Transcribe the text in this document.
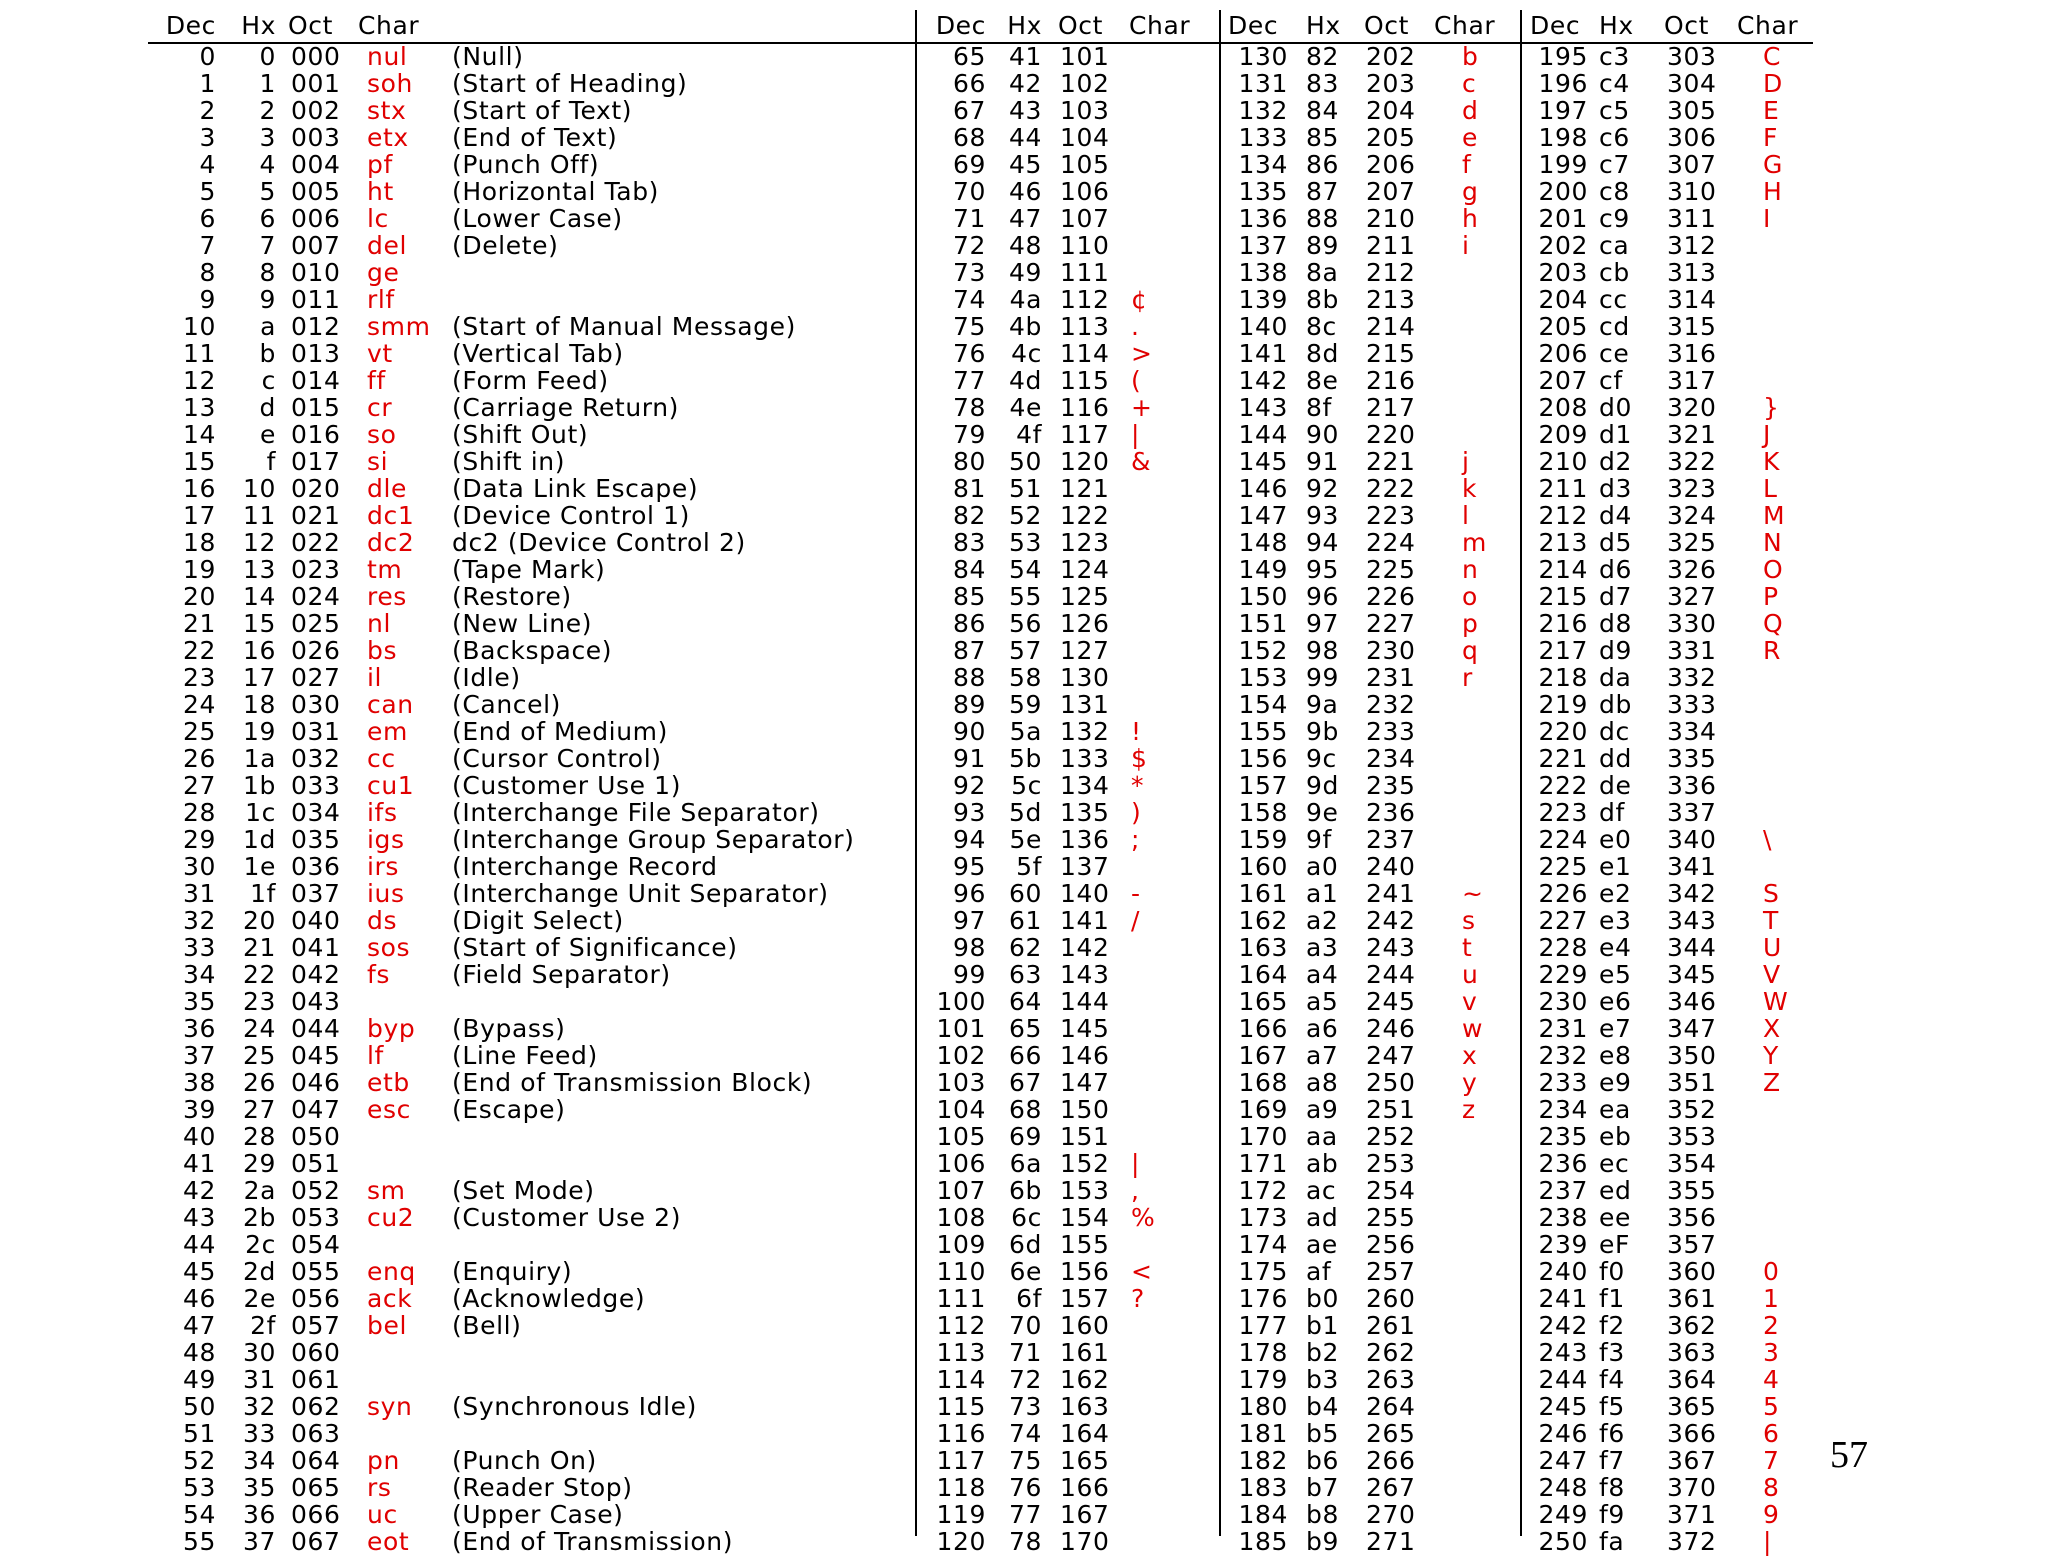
57
Dec	Hx Oct Char
0	0 000	nul	(Null)
1	1 001	soh	(Start of Heading)
2	2 002	stx	(Start of Text)
3	3 003	etx	(End of Text)
4	4 004	pf	(Punch Off)
5	5 005	ht	(Horizontal Tab)
6	6 006	lc	(Lower Case)
7	7 007	del	(Delete)
8	8 010	ge
9	9 011	rlf
10	a 012	smm (Start of Manual Message)
11	b 013	vt	(Vertical Tab)
12	c 014	ff	(Form Feed)
13	d 015	cr	(Carriage Return)
14	e 016	so	(Shift Out)
15	f 017	si	(Shift in)
16	10 020	dle	(Data Link Escape)
17	11 021	dc1	(Device Control 1)
18	12 022	dc2	dc2 (Device Control 2)
19	13 023	tm	(Tape Mark)
20	14 024	res	(Restore)
21	15 025	nl	(New Line)
22	16 026	bs	(Backspace)
23	17 027	il	(Idle)
24	18 030	can	(Cancel)
25	19 031	em	(End of Medium)
26	1a 032	cc	(Cursor Control)
27	1b 033	cu1	(Customer Use 1)
28	1c 034	ifs	(Interchange File Separator)
29	1d 035	igs	(Interchange Group Separator)
30	1e 036	irs	(Interchange Record
31	1f 037	ius	(Interchange Unit Separator)
32	20 040	ds	(Digit Select)
33	21 041	sos	(Start of Significance)
34	22 042	fs	(Field Separator)
35	23 043
36	24 044	byp	(Bypass)
37	25 045	lf	(Line Feed)
38	26 046	etb	(End of Transmission Block)
39	27 047	esc	(Escape)
40	28 050
41	29 051
42	2a 052	sm	(Set Mode)
43	2b 053	cu2	(Customer Use 2)
44	2c 054
45	2d 055	enq	(Enquiry)
46	2e 056	ack	(Acknowledge)
47	2f 057	bel	(Bell)
48	30 060
49	31 061
50	32 062	syn	(Synchronous Idle)
51	33 063
52	34 064	pn	(Punch On)
53	35 065	rs	(Reader Stop)
54	36 066	uc	(Upper Case)
55	37 067	eot	(End of Transmission)
Dec Hx Oct	Char
65 41 101
66 42 102
67 43 103
68 44 104
69 45 105
70 46 106
71 47 107
72 48 110
73 49 111
74 4a 112 ¢
75 4b 113 .
76	4c 114 >
77 4d 115 (
78 4e 116 +
79	4f 117 |
80 50 120 &
81 51 121
82 52 122
83 53 123
84 54 124
85 55 125
86 56 126
87 57 127
88 58 130
89 59 131
90 5a 132 !
91 5b 133 $
92	5c 134 *
93 5d 135 )
94 5e 136 ;
95	5f 137
96 60 140 -
97 61 141 /
98 62 142
99 63 143
100 64 144
101 65 145
102 66 146
103 67 147
104 68 150
105 69 151
106 6a 152 |
107 6b 153 ,
108	6c 154 %
109 6d 155
110 6e 156 <
111	6f 157 ?
112 70 160
113 71 161
114 72 162
115 73 163
116 74 164
117 75 165
118 76 166
119 77 167
120 78 170
Dec Hx Oct Char
130 82	202	b
131 83	203	c
132 84	204	d
133 85	205	e
134 86	206	f
135 87	207	g
136 88	210	h
137 89	211	i
138 8a	212
139 8b	213
140 8c	214
141 8d	215
142 8e	216
143 8f	217
144 90	220
145 91	221	j
146 92	222	k
147 93	223	l
148 94	224	m
149 95	225	n
150 96	226	o
151 97	227	p
152 98	230	q
153 99	231	r
154 9a	232
155 9b	233
156 9c	234
157 9d	235
158 9e	236
159 9f	237
160 a0	240
161 a1	241	~
162 a2	242	s
163 a3	243	t
164 a4	244	u
165 a5	245	v
166 a6	246	w
167 a7	247	x
168 a8	250	y
169 a9	251	z
170 aa	252
171 ab	253
172 ac	254
173 ad	255
174 ae	256
175 af	257
176 b0	260
177 b1	261
178 b2	262
179 b3	263
180 b4	264
181 b5	265
182 b6	266
183 b7	267
184 b8	270
185 b9	271
Dec Hx	Oct	Char
195 c3	303	C
196 c4	304	D
197 c5	305	E
198 c6	306	F
199 c7	307	G
200 c8	310	H
201 c9	311	I
202 ca	312
203 cb	313
204 cc	314
205 cd	315
206 ce	316
207 cf	317
208 d0	320	}
209 d1	321	J
210 d2	322	K
211 d3	323	L
212 d4	324	M
213 d5	325	N
214 d6	326	O
215 d7	327	P
216 d8	330	Q
217 d9	331	R
218 da	332
219 db	333
220 dc	334
221 dd	335
222 de	336
223 df	337
224 e0	340	\
225 e1	341
226 e2	342	S
227 e3	343	T
228 e4	344	U
229 e5	345	V
230 e6	346	W
231 e7	347	X
232 e8	350	Y
233 e9	351	Z
234 ea	352
235 eb	353
236 ec	354
237 ed	355
238 ee	356
239 eF	357
240 f0	360	0
241 f1	361	1
242 f2	362	2
243 f3	363	3
244 f4	364	4
245 f5	365	5
246 f6	366	6
247 f7	367	7
248 f8	370	8
249 f9	371	9
250 fa	372	|
